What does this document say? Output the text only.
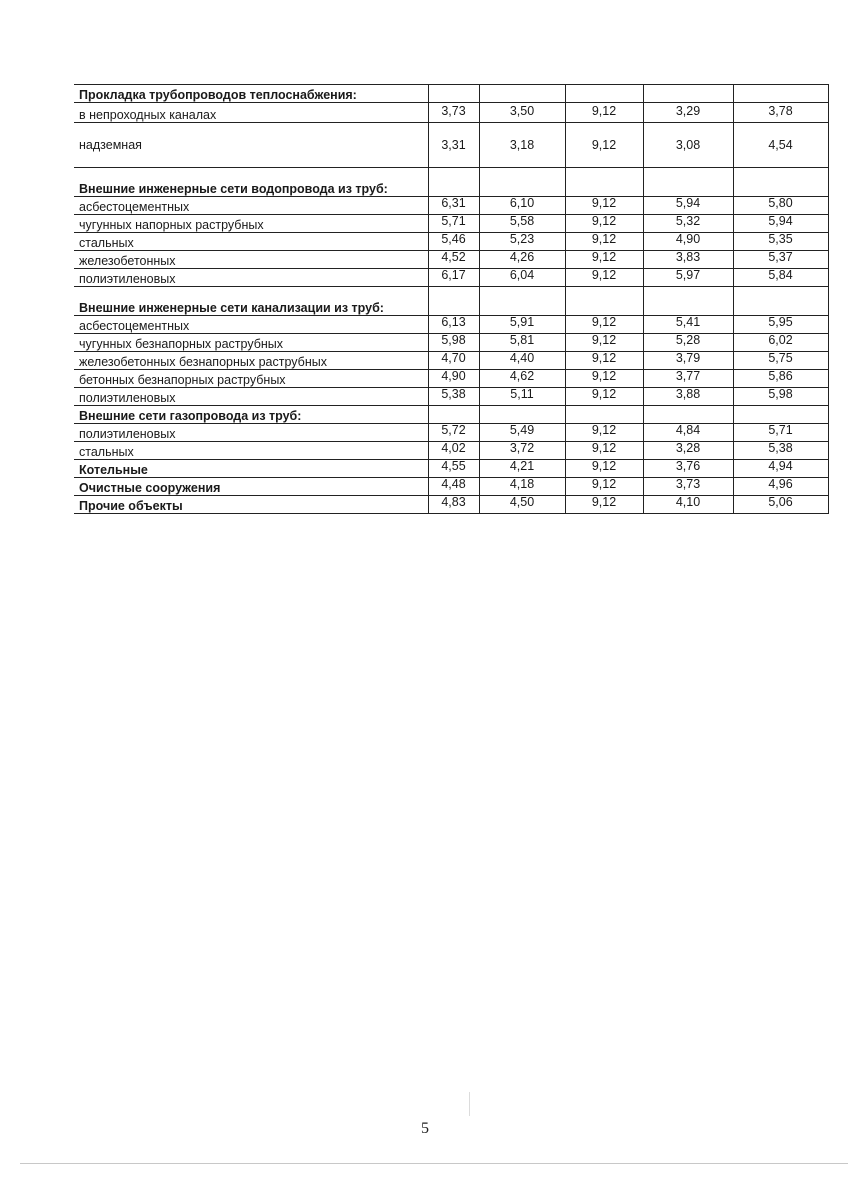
Прокладка трубопроводов теплоснабжения:					
в непроходных каналах	3,73	3,50	9,12	3,29	3,78
надземная	3,31	3,18	9,12	3,08	4,54
Внешние инженерные сети водопровода из труб:					
асбестоцементных	6,31	6,10	9,12	5,94	5,80
чугунных напорных раструбных	5,71	5,58	9,12	5,32	5,94
стальных	5,46	5,23	9,12	4,90	5,35
железобетонных	4,52	4,26	9,12	3,83	5,37
полиэтиленовых	6,17	6,04	9,12	5,97	5,84
Внешние инженерные сети канализации из труб:					
асбестоцементных	6,13	5,91	9,12	5,41	5,95
чугунных безнапорных раструбных	5,98	5,81	9,12	5,28	6,02
железобетонных безнапорных раструбных	4,70	4,40	9,12	3,79	5,75
бетонных безнапорных раструбных	4,90	4,62	9,12	3,77	5,86
полиэтиленовых	5,38	5,11	9,12	3,88	5,98
Внешние сети газопровода из труб:					
полиэтиленовых	5,72	5,49	9,12	4,84	5,71
стальных	4,02	3,72	9,12	3,28	5,38
Котельные	4,55	4,21	9,12	3,76	4,94
Очистные сооружения	4,48	4,18	9,12	3,73	4,96
Прочие объекты	4,83	4,50	9,12	4,10	5,06
5
